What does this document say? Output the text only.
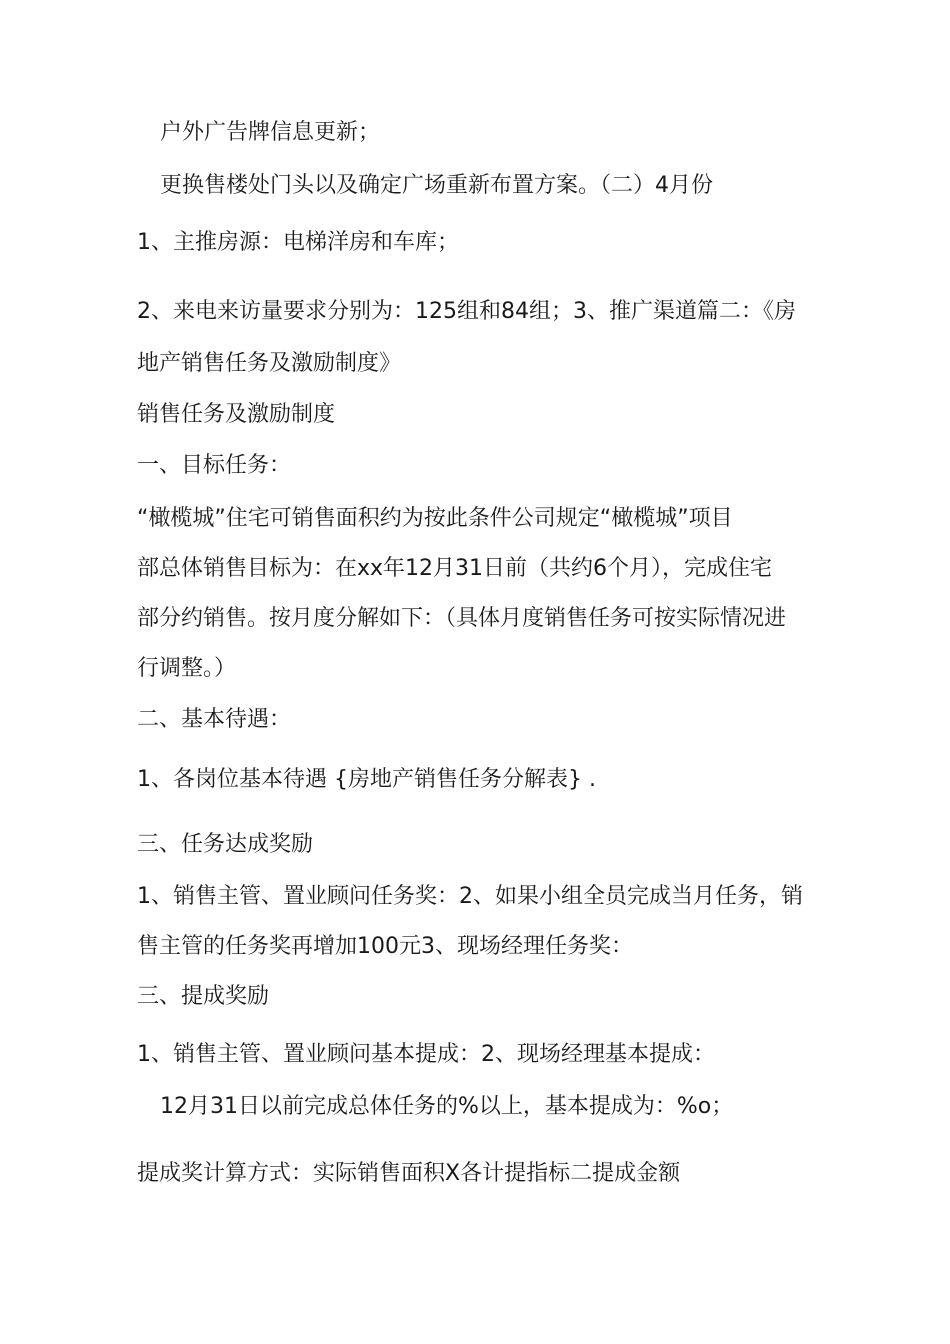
户外广告牌信息更新；
更换售楼处门头以及确定广场重新布置方案。（二）4月份
1、主推房源：电梯洋房和车库；
2、来电来访量要求分别为：125组和84组；3、推广渠道篇二：《房
地产销售任务及激励制度》
销售任务及激励制度
一、目标任务：
“橄榄城”住宅可销售面积约为按此条件公司规定“橄榄城”项目
部总体销售目标为：在xx年12月31日前（共约6个月），完成住宅
部分约销售。按月度分解如下：（具体月度销售任务可按实际情况进
行调整。）
二、基本待遇：
1、各岗位基本待遇 {房地产销售任务分解表} .
三、任务达成奖励
1、销售主管、置业顾问任务奖：2、如果小组全员完成当月任务，销
售主管的任务奖再增加100元3、现场经理任务奖：
三、提成奖励
1、销售主管、置业顾问基本提成：2、现场经理基本提成：
12月31日以前完成总体任务的%以上，基本提成为：%o；
提成奖计算方式：实际销售面积X各计提指标二提成金额
